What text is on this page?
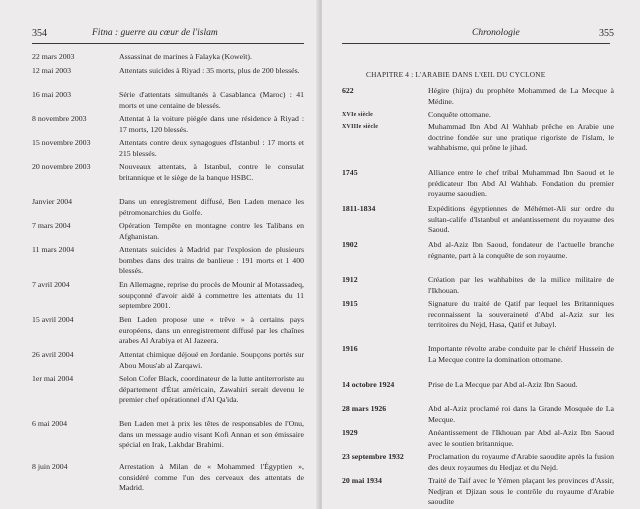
354	Fitna : guerre au cœur de l'islam
22 mars 2003	Assassinat de marines à Falayka (Koweït).
12 mai 2003	Attentats suicides à Riyad : 35 morts, plus de 200 blessés.
16 mai 2003	Série d'attentats simultanés à Casablanca (Maroc) : 41 morts et une centaine de blessés.
8 novembre 2003	Attentat à la voiture piégée dans une résidence à Riyad : 17 morts, 120 blessés.
15 novembre 2003	Attentats contre deux synagogues d'Istanbul : 17 morts et 215 blessés.
20 novembre 2003	Nouveaux attentats, à Istanbul, contre le consulat britannique et le siège de la banque HSBC.
Janvier 2004	Dans un enregistrement diffusé, Ben Laden menace les pétromonarchies du Golfe.
7 mars 2004	Opération Tempête en montagne contre les Talibans en Afghanistan.
11 mars 2004	Attentats suicides à Madrid par l'explosion de plusieurs bombes dans des trains de banlieue : 191 morts et 1 400 blessés.
7 avril 2004	En Allemagne, reprise du procès de Mounir al Motassadeq, soupçonné d'avoir aidé à commettre les attentats du 11 septembre 2001.
15 avril 2004	Ben Laden propose une « trêve » à certains pays européens, dans un enregistrement diffusé par les chaînes arabes Al Arabiya et Al Jazeera.
26 avril 2004	Attentat chimique déjoué en Jordanie. Soupçons portés sur Abou Mous'ab al Zarqawi.
1er mai 2004	Selon Cofer Black, coordinateur de la lutte antiterroriste au département d'État américain, Zawahiri serait devenu le premier chef opérationnel d'Al Qa'ida.
6 mai 2004	Ben Laden met à prix les têtes de responsables de l'Onu, dans un message audio visant Kofi Annan et son émissaire spécial en Irak, Lakhdar Brahimi.
8 juin 2004	Arrestation à Milan de « Mohammed l'Égyptien », considéré comme l'un des cerveaux des attentats de Madrid.
Chronologie	355
CHAPITRE 4 : L'ARABIE DANS L'ŒIL DU CYCLONE
622	Hégire (hijra) du prophète Mohammed de La Mecque à Médine.
XVIe siècle	Conquête ottomane.
XVIIIe siècle	Muhammad Ibn Abd Al Wahhab prêche en Arabie une doctrine fondée sur une pratique rigoriste de l'islam, le wahhabisme, qui prône le jihad.
1745	Alliance entre le chef tribal Muhammad Ibn Saoud et le prédicateur Ibn Abd Al Wahhab. Fondation du premier royaume saoudien.
1811-1834	Expéditions égyptiennes de Méhémet-Ali sur ordre du sultan-calife d'Istanbul et anéantissement du royaume des Saoud.
1902	Abd al-Aziz Ibn Saoud, fondateur de l'actuelle branche régnante, part à la conquête de son royaume.
1912	Création par les wahhabites de la milice militaire de l'Ikhouan.
1915	Signature du traité de Qatif par lequel les Britanniques reconnaissent la souveraineté d'Abd al-Aziz sur les territoires du Nejd, Hasa, Qatif et Jubayl.
1916	Importante révolte arabe conduite par le chérif Hussein de La Mecque contre la domination ottomane.
14 octobre 1924	Prise de La Mecque par Abd al-Aziz Ibn Saoud.
28 mars 1926	Abd al-Aziz proclamé roi dans la Grande Mosquée de La Mecque.
1929	Anéantissement de l'Ikhouan par Abd al-Aziz Ibn Saoud avec le soutien britannique.
23 septembre 1932	Proclamation du royaume d'Arabie saoudite après la fusion des deux royaumes du Hedjaz et du Nejd.
20 mai 1934	Traité de Taif avec le Yémen plaçant les provinces d'Assir, Nedjran et Djizan sous le contrôle du royaume d'Arabie saoudite
